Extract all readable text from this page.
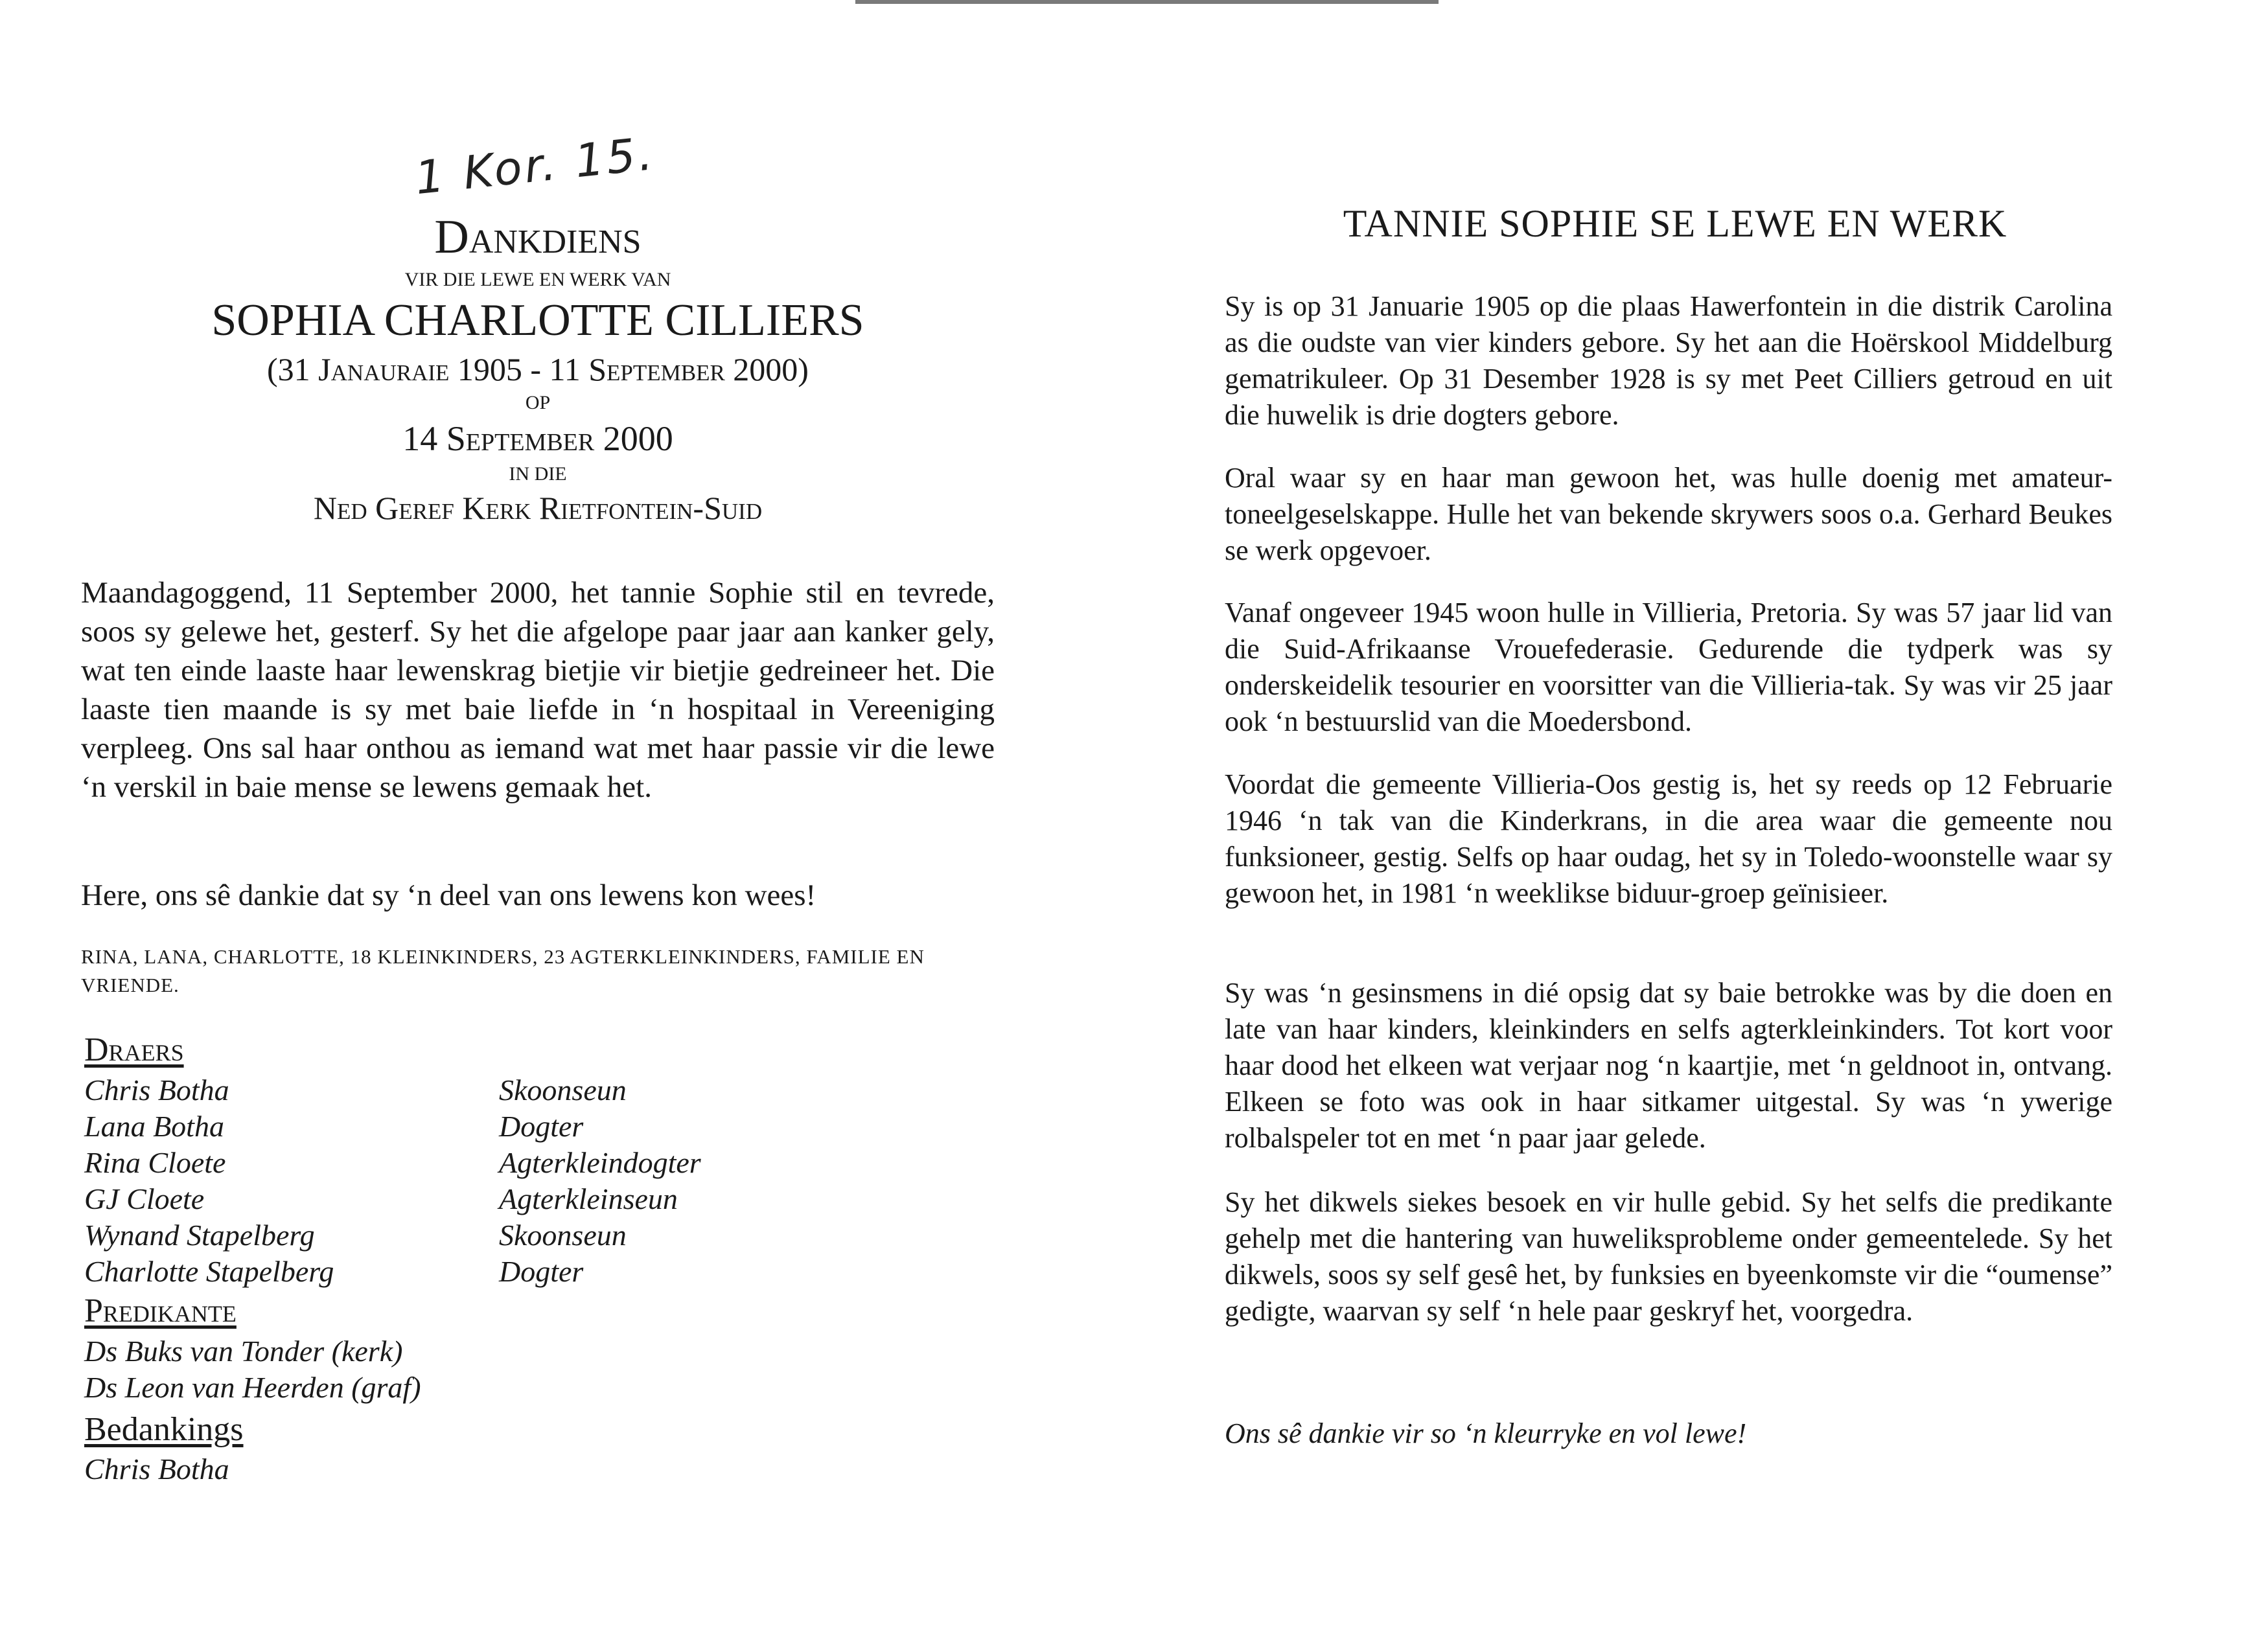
1 Kor. 15.
Dankdiens
VIR DIE LEWE EN WERK VAN
SOPHIA CHARLOTTE CILLIERS
(31 Janauraie 1905 - 11 September 2000)
OP
14 September 2000
IN DIE
Ned Geref Kerk Rietfontein-Suid

Maandagoggend, 11 September 2000, het tannie Sophie stil en tevrede, soos sy gelewe het, gesterf. Sy het die afgelope paar jaar aan kanker gely, wat ten einde laaste haar lewenskrag bietjie vir bietjie gedreineer het. Die laaste tien maande is sy met baie liefde in ‘n hospitaal in Vereeniging verpleeg. Ons sal haar onthou as iemand wat met haar passie vir die lewe ‘n verskil in baie mense se lewens gemaak het.

Here, ons sê dankie dat sy ‘n deel van ons lewens kon wees!

RINA, LANA, CHARLOTTE, 18 KLEINKINDERS, 23 AGTERKLEINKINDERS, FAMILIE EN VRIENDE.
Draers
Chris Botha	Skoonseun
Lana Botha	Dogter
Rina Cloete	Agterkleindogter
GJ Cloete	Agterkleinseun
Wynand Stapelberg	Skoonseun
Charlotte Stapelberg	Dogter
Predikante
Ds Buks van Tonder (kerk)
Ds Leon van Heerden (graf)
Bedankings
Chris Botha
TANNIE SOPHIE SE LEWE EN WERK

Sy is op 31 Januarie 1905 op die plaas Hawerfontein in die distrik Carolina as die oudste van vier kinders gebore. Sy het aan die Hoërskool Middelburg gematrikuleer. Op 31 Desember 1928 is sy met Peet Cilliers getroud en uit die huwelik is drie dogters gebore.

Oral waar sy en haar man gewoon het, was hulle doenig met amateur-toneelgeselskappe. Hulle het van bekende skrywers soos o.a. Gerhard Beukes se werk opgevoer.

Vanaf ongeveer 1945 woon hulle in Villieria, Pretoria. Sy was 57 jaar lid van die Suid-Afrikaanse Vrouefederasie. Gedurende die tydperk was sy onderskeidelik tesourier en voorsitter van die Villieria-tak. Sy was vir 25 jaar ook ‘n bestuurslid van die Moedersbond.

Voordat die gemeente Villieria-Oos gestig is, het sy reeds op 12 Februarie 1946 ‘n tak van die Kinderkrans, in die area waar die gemeente nou funksioneer, gestig. Selfs op haar oudag, het sy in Toledo-woonstelle waar sy gewoon het, in 1981 ‘n weeklikse biduur-groep geïnisieer.

Sy was ‘n gesinsmens in dié opsig dat sy baie betrokke was by die doen en late van haar kinders, kleinkinders en selfs agterkleinkinders. Tot kort voor haar dood het elkeen wat verjaar nog ‘n kaartjie, met ‘n geldnoot in, ontvang. Elkeen se foto was ook in haar sitkamer uitgestal. Sy was ‘n ywerige rolbalspeler tot en met ‘n paar jaar gelede.

Sy het dikwels siekes besoek en vir hulle gebid. Sy het selfs die predikante gehelp met die hantering van huweliksprobleme onder gemeentelede. Sy het dikwels, soos sy self gesê het, by funksies en byeenkomste vir die “oumense” gedigte, waarvan sy self ‘n hele paar geskryf het, voorgedra.

Ons sê dankie vir so ‘n kleurryke en vol lewe!
